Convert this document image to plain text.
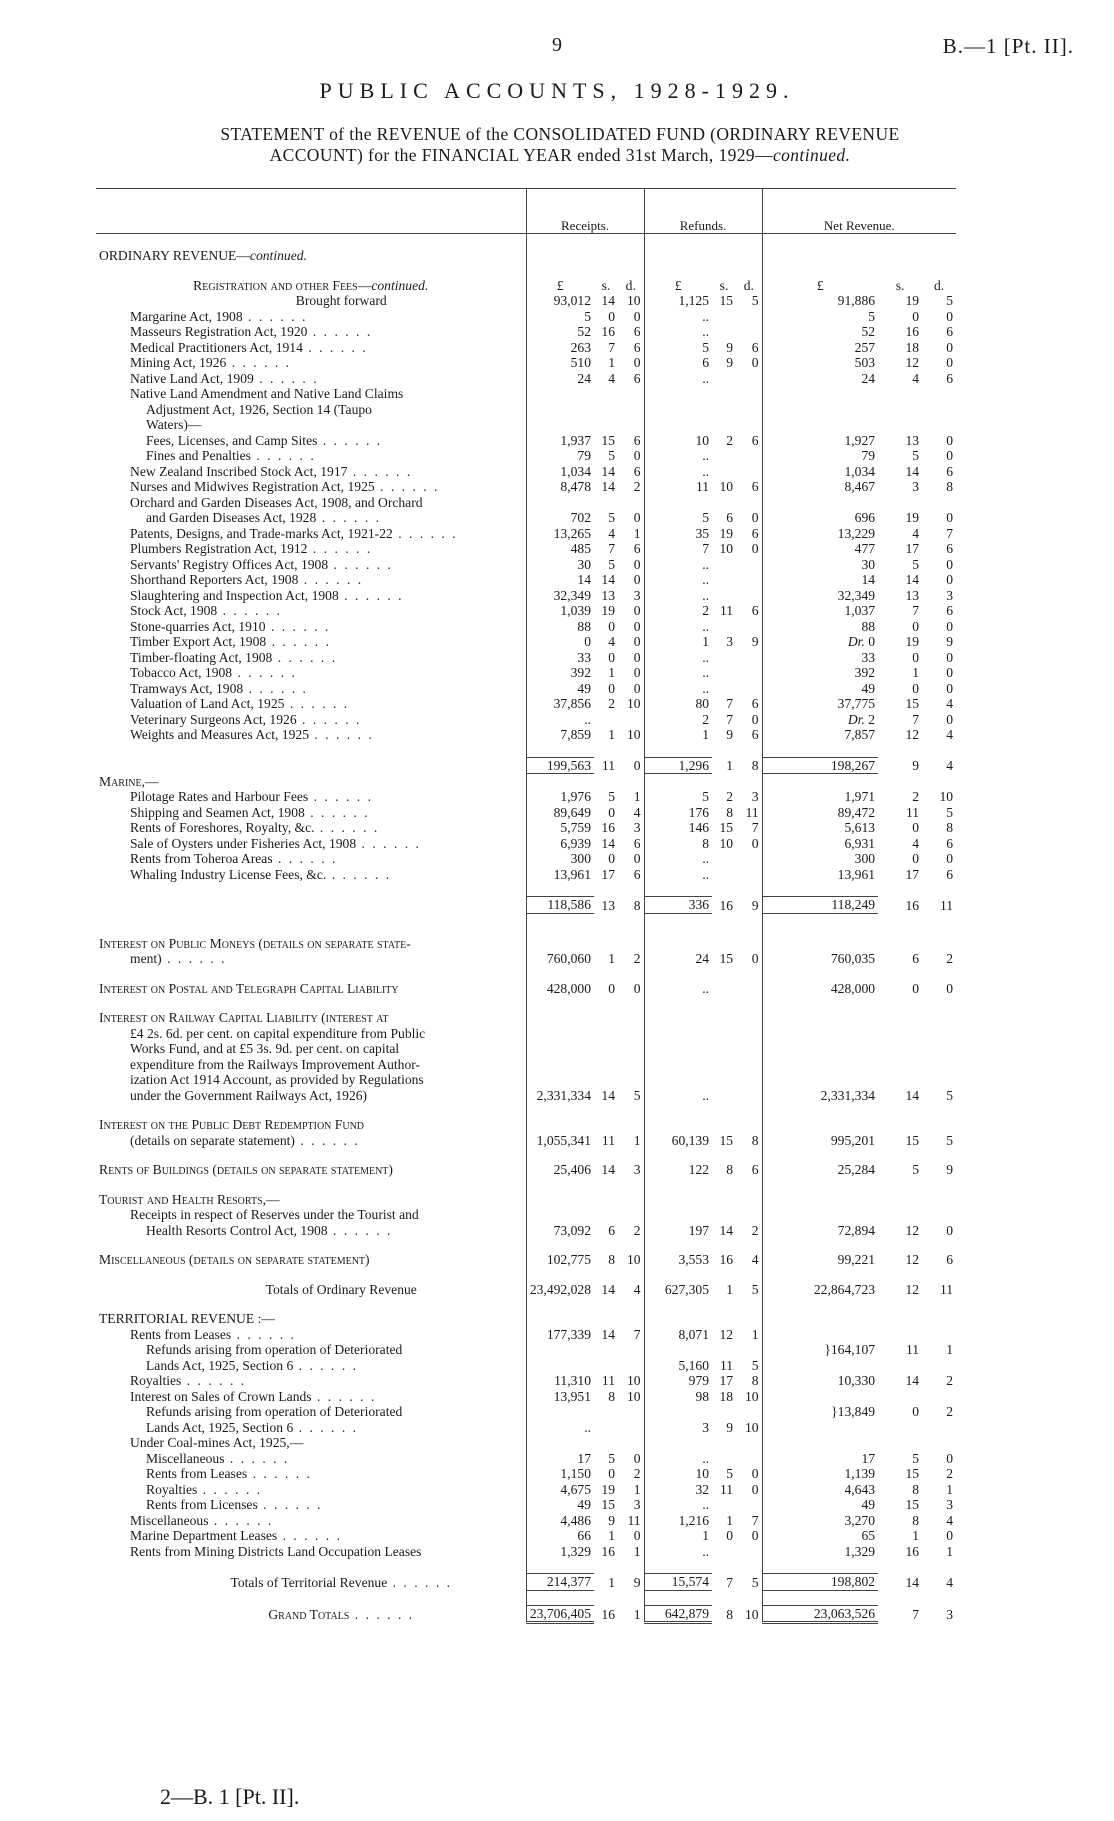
9	B.—1 [Pt. II].
PUBLIC ACCOUNTS, 1928-1929.
STATEMENT of the REVENUE of the CONSOLIDATED FUND (ORDINARY REVENUE
ACCOUNT) for the FINANCIAL YEAR ended 31st March, 1929—continued.
	Receipts.			Refunds.			Net Revenue.		
ORDINARY REVENUE—continued.									

Registration and other Fees—continued.	£	s.	d.	£	s.	d.	£	s.	d.
Brought forward	93,012	14	10	1,125	15	5	91,886	19	5
Margarine Act, 1908 . .	5	0	0	..			5	0	0
Masseurs Registration Act, 1920 . .	52	16	6	..			52	16	6
Medical Practitioners Act, 1914 . .	263	7	6	5	9	6	257	18	0
Mining Act, 1926 . .	510	1	0	6	9	0	503	12	0
Native Land Act, 1909 . .	24	4	6	..			24	4	6
Native Land Amendment and Native Land Claims									
Adjustment Act, 1926, Section 14 (Taupo									
Waters)—									
Fees, Licenses, and Camp Sites . .	1,937	15	6	10	2	6	1,927	13	0
Fines and Penalties . .	79	5	0	..			79	5	0
New Zealand Inscribed Stock Act, 1917 . .	1,034	14	6	..			1,034	14	6
Nurses and Midwives Registration Act, 1925 . .	8,478	14	2	11	10	6	8,467	3	8
Orchard and Garden Diseases Act, 1908, and Orchard									
and Garden Diseases Act, 1928 . .	702	5	0	5	6	0	696	19	0
Patents, Designs, and Trade-marks Act, 1921-22 . .	13,265	4	1	35	19	6	13,229	4	7
Plumbers Registration Act, 1912 . .	485	7	6	7	10	0	477	17	6
Servants' Registry Offices Act, 1908 . .	30	5	0	..			30	5	0
Shorthand Reporters Act, 1908 . .	14	14	0	..			14	14	0
Slaughtering and Inspection Act, 1908 . .	32,349	13	3	..			32,349	13	3
Stock Act, 1908 . .	1,039	19	0	2	11	6	1,037	7	6
Stone-quarries Act, 1910 . .	88	0	0	..			88	0	0
Timber Export Act, 1908 . .	0	4	0	1	3	9	Dr. 0	19	9
Timber-floating Act, 1908 . .	33	0	0	..			33	0	0
Tobacco Act, 1908 . .	392	1	0	..			392	1	0
Tramways Act, 1908 . .	49	0	0	..			49	0	0
Valuation of Land Act, 1925 . .	37,856	2	10	80	7	6	37,775	15	4
Veterinary Surgeons Act, 1926 . .	..			2	7	0	Dr. 2	7	0
Weights and Measures Act, 1925 . .	7,859	1	10	1	9	6	7,857	12	4

	199,563	11	0	1,296	1	8	198,267	9	4
Marine,—									
Pilotage Rates and Harbour Fees . .	1,976	5	1	5	2	3	1,971	2	10
Shipping and Seamen Act, 1908 . .	89,649	0	4	176	8	11	89,472	11	5
Rents of Foreshores, Royalty, &c. . .	5,759	16	3	146	15	7	5,613	0	8
Sale of Oysters under Fisheries Act, 1908 . .	6,939	14	6	8	10	0	6,931	4	6
Rents from Toheroa Areas . .	300	0	0	..			300	0	0
Whaling Industry License Fees, &c. . .	13,961	17	6	..			13,961	17	6

	118,586	13	8	336	16	9	118,249	16	11

Interest on Public Moneys (details on separate state-									
ment) . .	760,060	1	2	24	15	0	760,035	6	2

Interest on Postal and Telegraph Capital Liability	428,000	0	0	..			428,000	0	0

Interest on Railway Capital Liability (interest at									
£4 2s. 6d. per cent. on capital expenditure from Public									
Works Fund, and at £5 3s. 9d. per cent. on capital									
expenditure from the Railways Improvement Author-									
ization Act 1914 Account, as provided by Regulations									
under the Government Railways Act, 1926)	2,331,334	14	5	..			2,331,334	14	5

Interest on the Public Debt Redemption Fund									
(details on separate statement) . .	1,055,341	11	1	60,139	15	8	995,201	15	5

Rents of Buildings (details on separate statement)	25,406	14	3	122	8	6	25,284	5	9

Tourist and Health Resorts,—									
Receipts in respect of Reserves under the Tourist and									
Health Resorts Control Act, 1908 . .	73,092	6	2	197	14	2	72,894	12	0

Miscellaneous (details on separate statement)	102,775	8	10	3,553	16	4	99,221	12	6

Totals of Ordinary Revenue	23,492,028	14	4	627,305	1	5	22,864,723	12	11

TERRITORIAL REVENUE :—									
Rents from Leases . .	177,339	14	7	8,071	12	1			
Refunds arising from operation of Deteriorated							}164,107	11	1
Lands Act, 1925, Section 6 . .				5,160	11	5			
Royalties . .	11,310	11	10	979	17	8	10,330	14	2
Interest on Sales of Crown Lands . .	13,951	8	10	98	18	10			
Refunds arising from operation of Deteriorated							}13,849	0	2
Lands Act, 1925, Section 6 . .	..			3	9	10			
Under Coal-mines Act, 1925,—									
Miscellaneous . .	17	5	0	..			17	5	0
Rents from Leases . .	1,150	0	2	10	5	0	1,139	15	2
Royalties . .	4,675	19	1	32	11	0	4,643	8	1
Rents from Licenses . .	49	15	3	..			49	15	3
Miscellaneous . .	4,486	9	11	1,216	1	7	3,270	8	4
Marine Department Leases . .	66	1	0	1	0	0	65	1	0
Rents from Mining Districts Land Occupation Leases	1,329	16	1	..			1,329	16	1

Totals of Territorial Revenue . .	214,377	1	9	15,574	7	5	198,802	14	4

Grand Totals . .	23,706,405	16	1	642,879	8	10	23,063,526	7	3
2—B. 1 [Pt. II].
